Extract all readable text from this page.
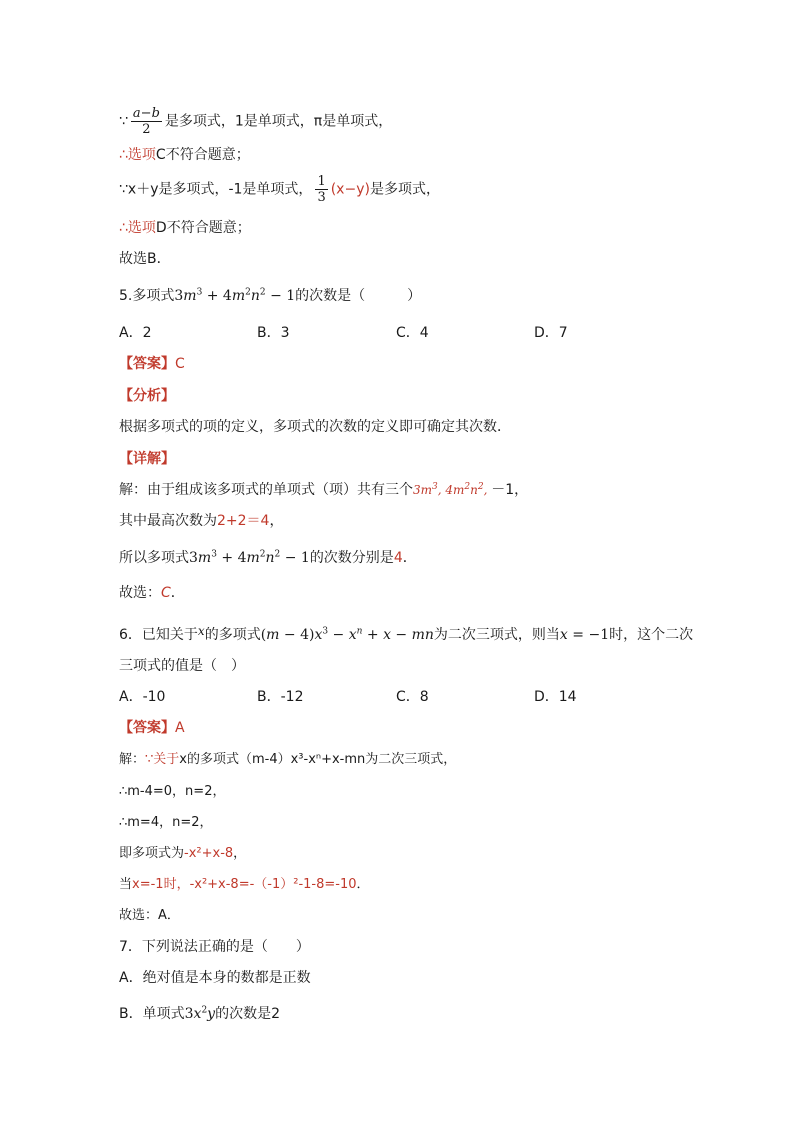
∵ $\frac{a-b}{2}$ 是多项式，1是单项式，π是单项式，
∴选项C不符合题意；
∵x＋y是多项式，-1是单项式， $\frac{1}{3} (x-y)$是多项式，
∴选项D不符合题意；
故选B．
5.多项式$3m^3 + 4m^2n^2 - 1$的次数是（　　　）
A．2	B．3	C．4	D．7
【答案】C
【分析】
根据多项式的项的定义，多项式的次数的定义即可确定其次数．
【详解】
解：由于组成该多项式的单项式（项）共有三个$3m^3$, $4m^2n^2$, －1，
其中最高次数为2+2＝4，
所以多项式$3m^3 + 4m^2n^2 - 1$的次数分别是4．
故选：C．
6．已知关于x的多项式$(m - 4)x^3 - x^n + x$ − mn为二次三项式，则当x = −1时，这个二次
三项式的值是（　）
A．-10	B．-12	C．8	D．14
【答案】A
解：∵关于x的多项式（m-4）x³-xⁿ+x-mn为二次三项式，
∴m-4=0，n=2，
∴m=4，n=2，
即多项式为-x²+x-8，
当x=-1时，-x²+x-8=-（-1）²-1-8=-10．
故选：A．
7．下列说法正确的是（　　）
A．绝对值是本身的数都是正数
B．单项式$3x^2y$的次数是2
